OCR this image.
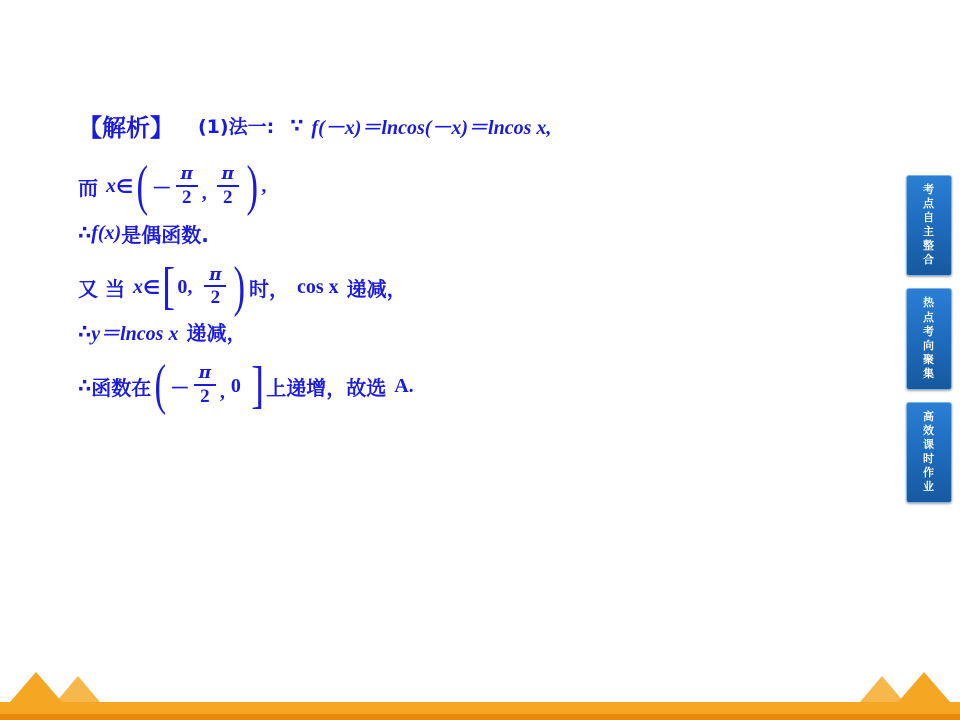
【解析】 (1)法一: ∵ f(－x)＝lncos(－x)＝lncos x,
而 x ∈ ( － $\frac{\pi}{2}$ , $\frac{\pi}{2}$ ) ,
∴ f(x) 是偶函数.
又 当 x ∈ [ 0, $\frac{\pi}{2}$ ) 时， cos x 递减，
∴ y＝lncos x 递减，
∴ 函数在 ( － $\frac{\pi}{2}$ , 0 ] 上递增，故选 A.
考
点
自
主
整
合
热
点
考
向
聚
集
高
效
课
时
作
业
